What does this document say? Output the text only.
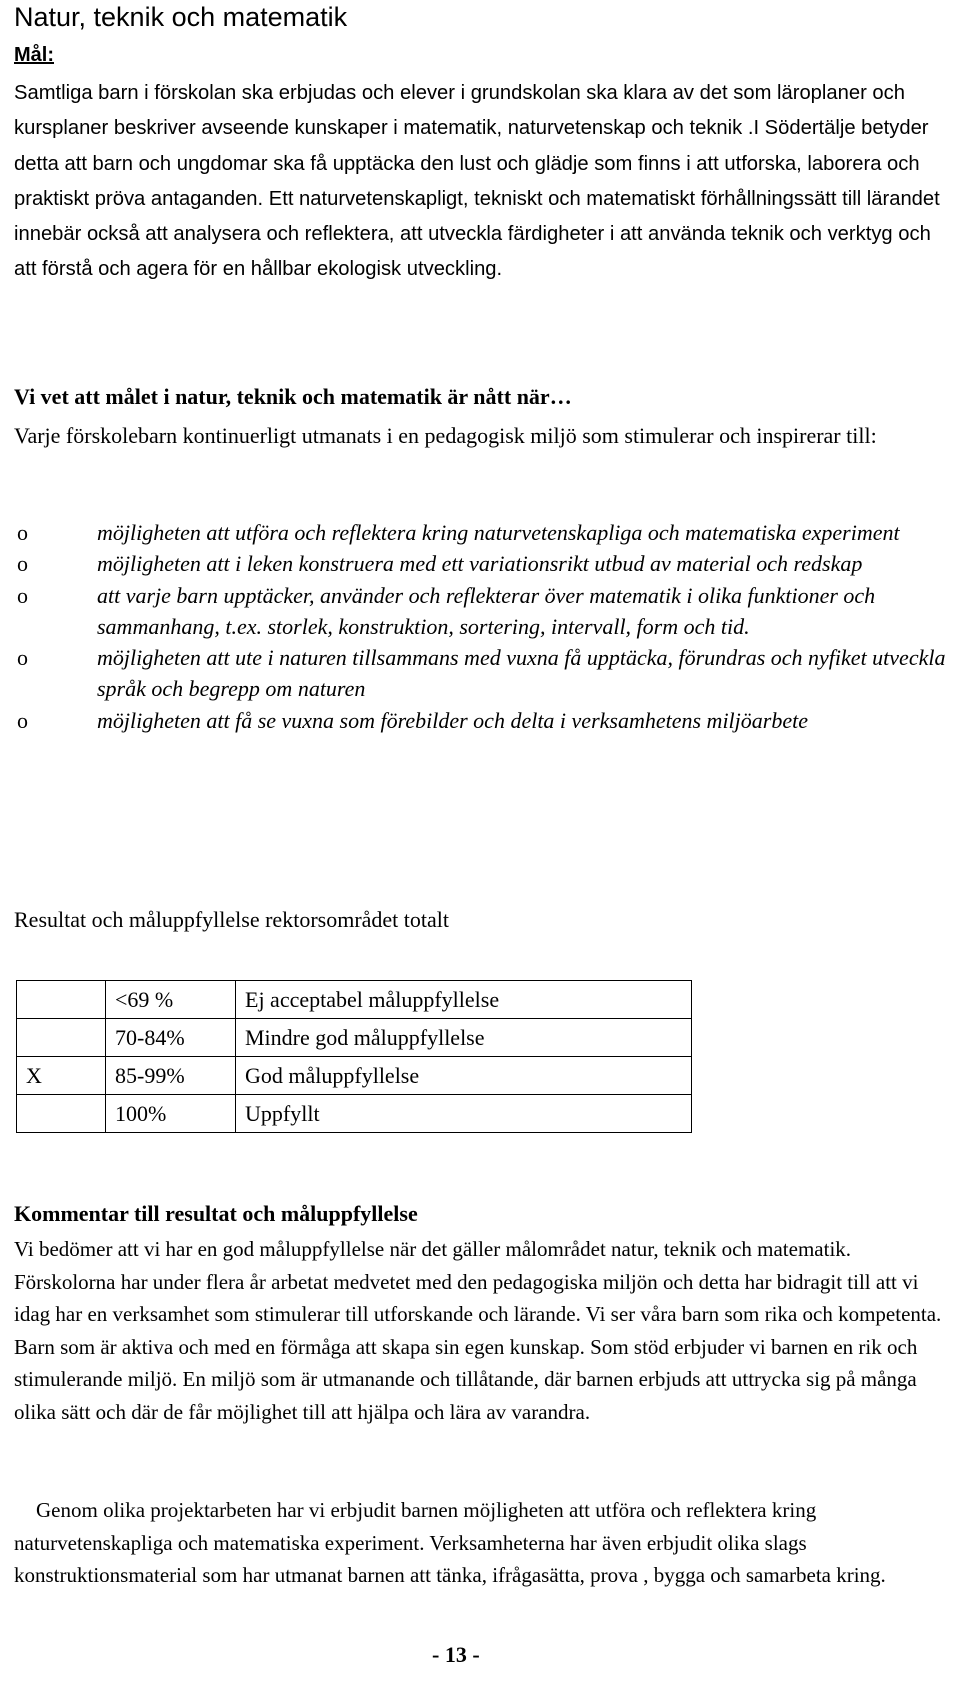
Natur, teknik och matematik
Mål:

Samtliga barn i förskolan ska erbjudas och elever i grundskolan ska klara av det som läroplaner och kursplaner beskriver avseende kunskaper i matematik, naturvetenskap och teknik .I Södertälje betyder detta att barn och ungdomar ska få upptäcka den lust och glädje som finns i att utforska, laborera och praktiskt pröva antaganden. Ett naturvetenskapligt, tekniskt och matematiskt förhållningssätt till lärandet innebär också att analysera och reflektera, att utveckla färdigheter i att använda teknik och verktyg och att förstå och agera för en hållbar ekologisk utveckling.

Vi vet att målet i natur, teknik och matematik är nått när…

Varje förskolebarn kontinuerligt utmanats i en pedagogisk miljö som stimulerar och inspirerar till:

o	möjligheten att utföra och reflektera kring naturvetenskapliga och matematiska experiment
o	möjligheten att i leken konstruera med ett variationsrikt utbud av material och redskap
o	att varje barn upptäcker, använder och reflekterar över matematik i olika funktioner och sammanhang, t.ex. storlek, konstruktion, sortering, intervall, form och tid.
o	möjligheten att ute i naturen tillsammans med vuxna få upptäcka, förundras och nyfiket utveckla språk och begrepp om naturen
o	möjligheten att få se vuxna som förebilder och delta i verksamhetens miljöarbete
Resultat och måluppfyllelse rektorsområdet totalt
	<69 %	Ej acceptabel måluppfyllelse
	70-84%	Mindre god måluppfyllelse
X	85-99%	God måluppfyllelse
	100%	Uppfyllt
Kommentar till resultat och måluppfyllelse

Vi bedömer att vi har en god måluppfyllelse när det gäller målområdet natur, teknik och matematik. Förskolorna har under flera år arbetat medvetet med den pedagogiska miljön och detta har bidragit till att vi idag har en verksamhet som stimulerar till utforskande och lärande. Vi ser våra barn som rika och kompetenta. Barn som är aktiva och med en förmåga att skapa sin egen kunskap. Som stöd erbjuder vi barnen en rik och stimulerande miljö. En miljö som är utmanande och tillåtande, där barnen erbjuds att uttrycka sig på många olika sätt och där de får möjlighet till att hjälpa och lära av varandra.

Genom olika projektarbeten har vi erbjudit barnen möjligheten att utföra och reflektera kring naturvetenskapliga och matematiska experiment. Verksamheterna har även erbjudit olika slags konstruktionsmaterial som har utmanat barnen att tänka, ifrågasätta, prova , bygga och samarbeta kring.

- 13 -
